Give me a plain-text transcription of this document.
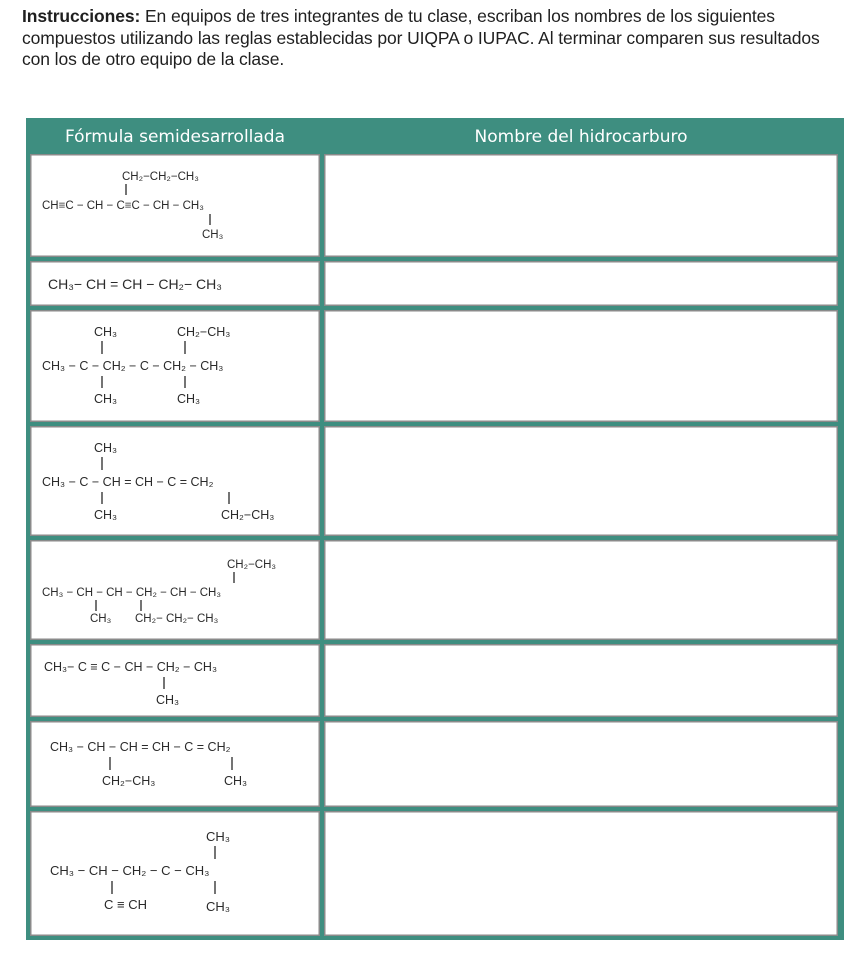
Instrucciones: En equipos de tres integrantes de tu clase, escriban los nombres de los siguientes compuestos utilizando las reglas establecidas por UIQPA o IUPAC. Al terminar comparen sus resultados con los de otro equipo de la clase.
Fórmula semidesarrollada	Nombre del hidrocarburo
CH₂−CH₂−CH₃
CH≡C − CH − C≡C − CH − CH₃
CH₃
CH₃− CH = CH − CH₂− CH₃
CH₃	CH₂−CH₃
CH₃ − C − CH₂ − C − CH₂ − CH₃
CH₃	CH₃
CH₃
CH₃ − C − CH = CH − C = CH₂
CH₃	CH₂−CH₃
CH₂−CH₃
CH₃ − CH − CH − CH₂ − CH − CH₃
CH₃ CH₂− CH₂− CH₃
CH₃− C ≡ C − CH − CH₂ − CH₃
CH₃
CH₃ − CH − CH = CH − C = CH₂
CH₂−CH₃	CH₃
CH₃
CH₃ − CH − CH₂ − C − CH₃
C ≡ CH	CH₃
